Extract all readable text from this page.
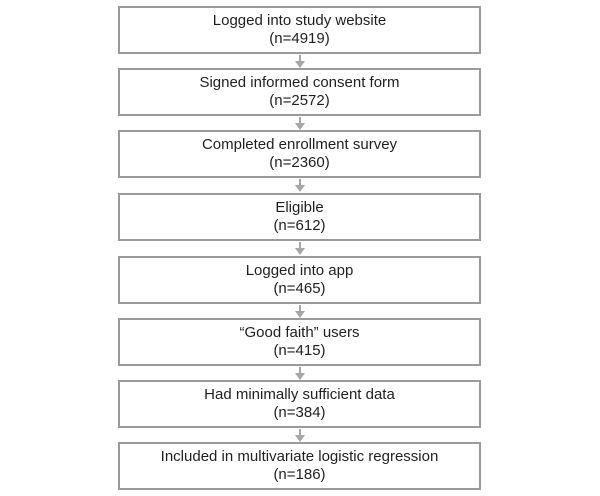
Logged into study website
(n=4919)
Signed informed consent form
(n=2572)
Completed enrollment survey
(n=2360)
Eligible
(n=612)
Logged into app
(n=465)
“Good faith” users
(n=415)
Had minimally sufficient data
(n=384)
Included in multivariate logistic regression
(n=186)
